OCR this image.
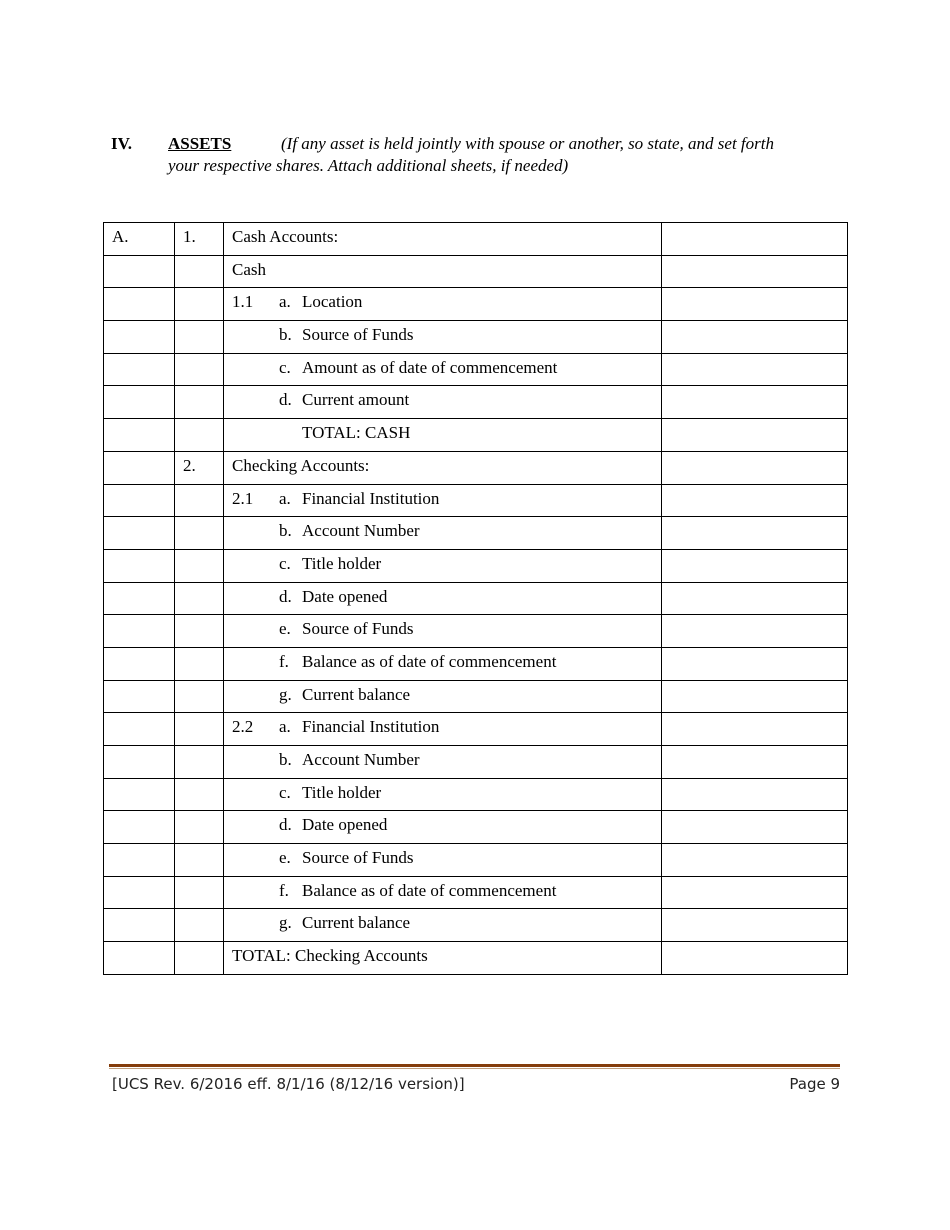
IV. ASSETS	(If any asset is held jointly with spouse or another, so state, and set forth
your respective shares. Attach additional sheets, if needed)
A.	1.	Cash Accounts:	

		Cash	

		1.1 a. Location	

		b. Source of Funds	

		c. Amount as of date of commencement	

		d. Current amount	

		TOTAL: CASH	

	2.	Checking Accounts:	

		2.1 a. Financial Institution	

		b. Account Number	

		c. Title holder	

		d. Date opened	

		e. Source of Funds	

		f. Balance as of date of commencement	

		g. Current balance	

		2.2 a. Financial Institution	

		b. Account Number	

		c. Title holder	

		d. Date opened	

		e. Source of Funds	

		f. Balance as of date of commencement	

		g. Current balance	

		TOTAL: Checking Accounts	

[UCS Rev. 6/2016 eff. 8/1/16 (8/12/16 version)]	Page 9
